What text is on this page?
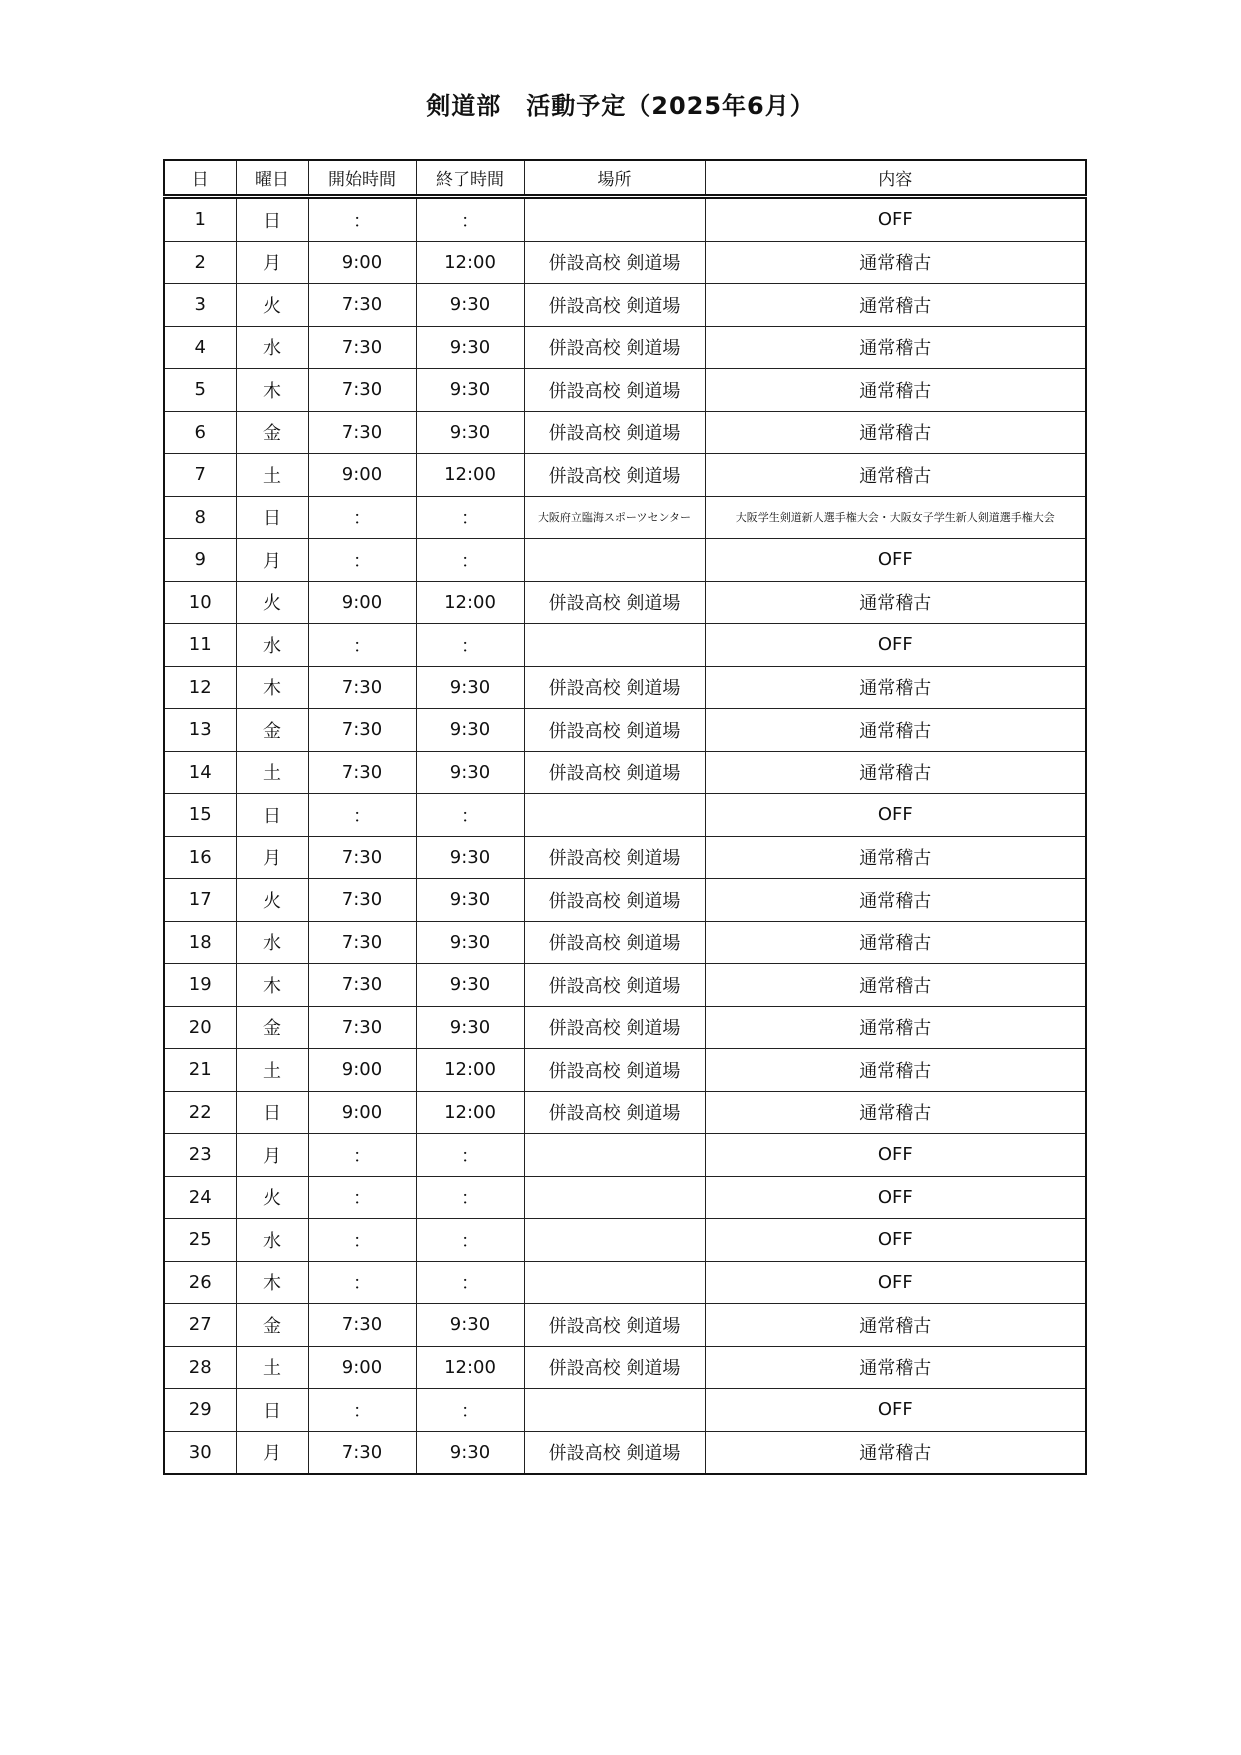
剣道部　活動予定（2025年6月）
日	曜日	開始時間	終了時間	場所	内容
1	日	：	：		OFF
2	月	9:00	12:00	併設高校 剣道場	通常稽古
3	火	7:30	9:30	併設高校 剣道場	通常稽古
4	水	7:30	9:30	併設高校 剣道場	通常稽古
5	木	7:30	9:30	併設高校 剣道場	通常稽古
6	金	7:30	9:30	併設高校 剣道場	通常稽古
7	土	9:00	12:00	併設高校 剣道場	通常稽古
8	日	：	：	大阪府立臨海スポーツセンター	大阪学生剣道新人選手権大会・大阪女子学生新人剣道選手権大会
9	月	：	：		OFF
10	火	9:00	12:00	併設高校 剣道場	通常稽古
11	水	：	：		OFF
12	木	7:30	9:30	併設高校 剣道場	通常稽古
13	金	7:30	9:30	併設高校 剣道場	通常稽古
14	土	7:30	9:30	併設高校 剣道場	通常稽古
15	日	：	：		OFF
16	月	7:30	9:30	併設高校 剣道場	通常稽古
17	火	7:30	9:30	併設高校 剣道場	通常稽古
18	水	7:30	9:30	併設高校 剣道場	通常稽古
19	木	7:30	9:30	併設高校 剣道場	通常稽古
20	金	7:30	9:30	併設高校 剣道場	通常稽古
21	土	9:00	12:00	併設高校 剣道場	通常稽古
22	日	9:00	12:00	併設高校 剣道場	通常稽古
23	月	：	：		OFF
24	火	：	：		OFF
25	水	：	：		OFF
26	木	：	：		OFF
27	金	7:30	9:30	併設高校 剣道場	通常稽古
28	土	9:00	12:00	併設高校 剣道場	通常稽古
29	日	：	：		OFF
30	月	7:30	9:30	併設高校 剣道場	通常稽古
